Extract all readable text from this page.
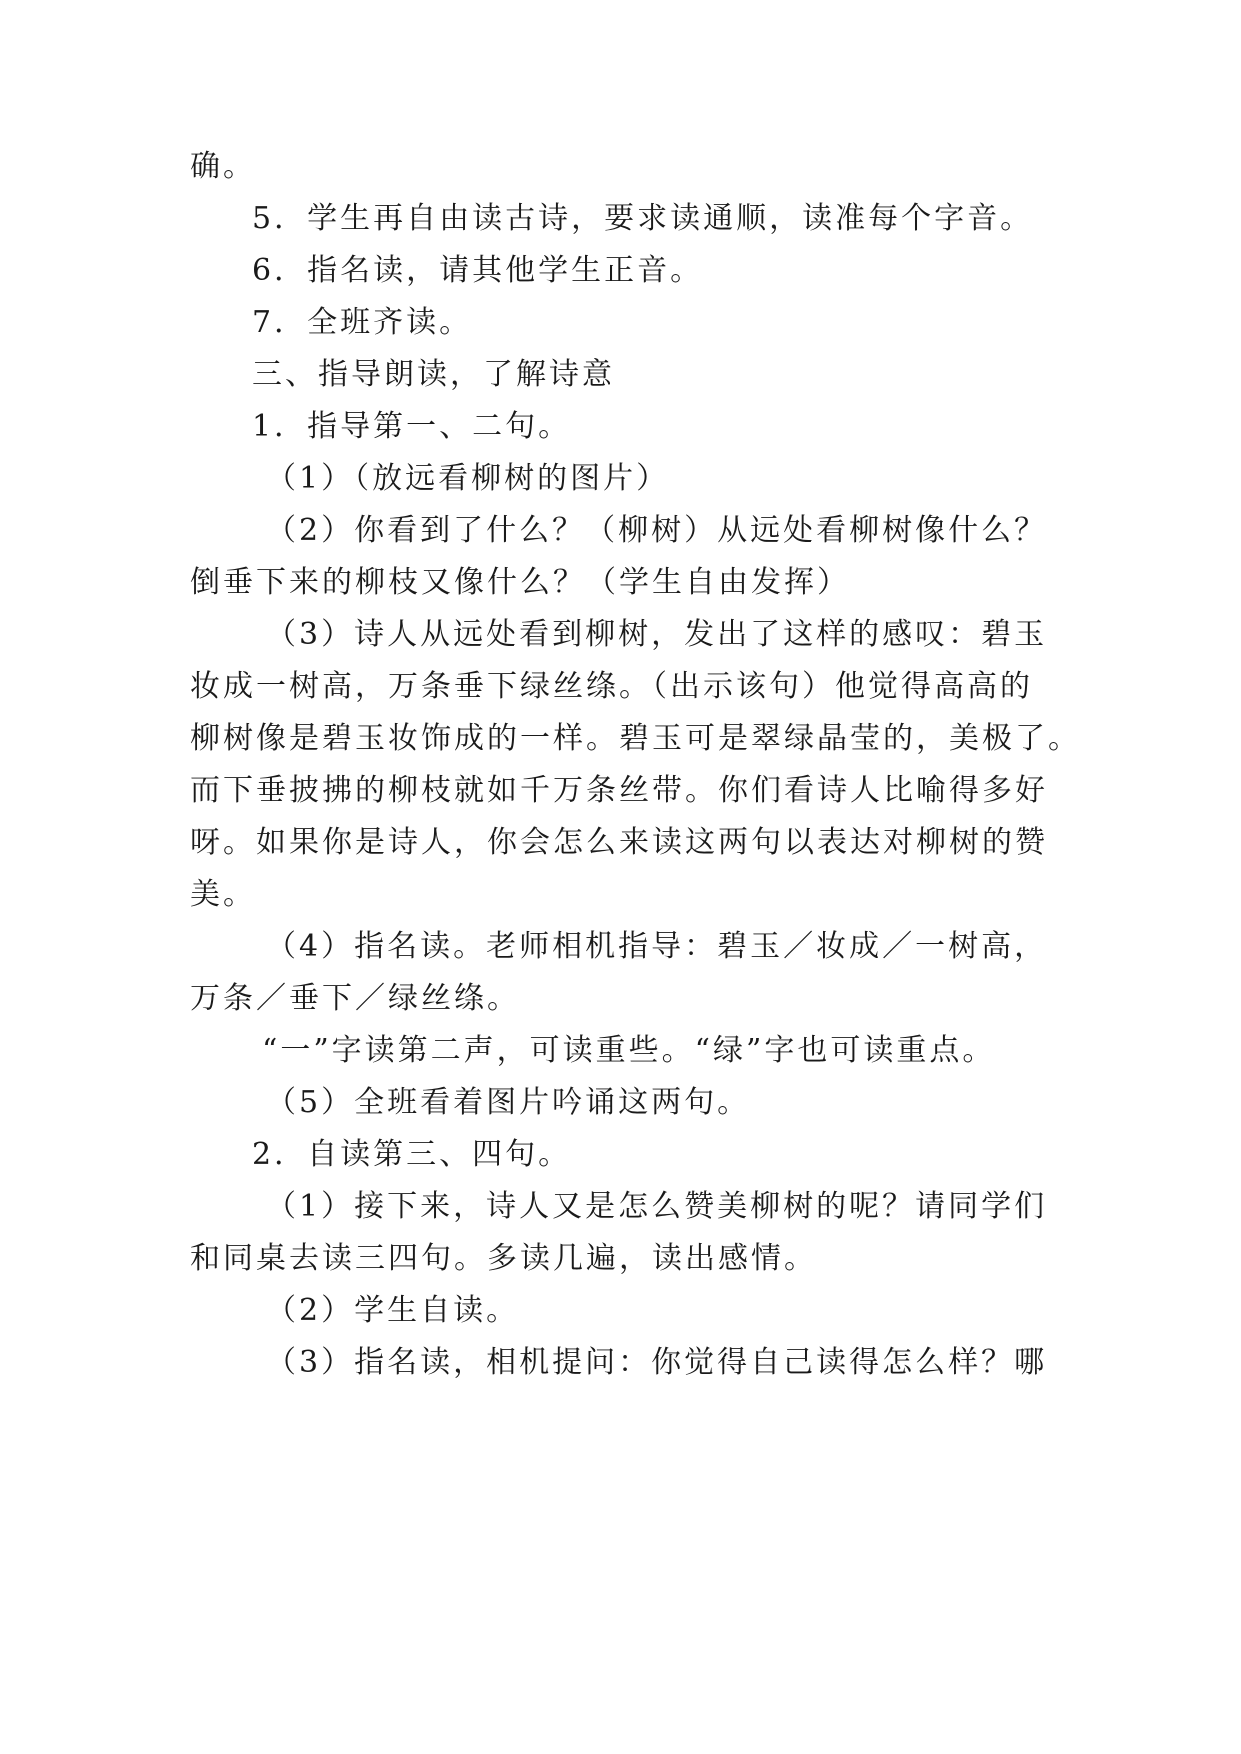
确。
5．学生再自由读古诗，要求读通顺，读准每个字音。
6．指名读，请其他学生正音。
7．全班齐读。
三、指导朗读，了解诗意
1．指导第一、二句。
（1）（放远看柳树的图片）
（2）你看到了什么？（柳树）从远处看柳树像什么？
倒垂下来的柳枝又像什么？（学生自由发挥）
（3）诗人从远处看到柳树，发出了这样的感叹：碧玉
妆成一树高，万条垂下绿丝绦。（出示该句）他觉得高高的
柳树像是碧玉妆饰成的一样。碧玉可是翠绿晶莹的，美极了。
而下垂披拂的柳枝就如千万条丝带。你们看诗人比喻得多好
呀。如果你是诗人，你会怎么来读这两句以表达对柳树的赞
美。
（4）指名读。老师相机指导：碧玉／妆成／一树高，
万条／垂下／绿丝绦。
“一”字读第二声，可读重些。“绿”字也可读重点。
（5）全班看着图片吟诵这两句。
2．自读第三、四句。
（1）接下来，诗人又是怎么赞美柳树的呢？请同学们
和同桌去读三四句。多读几遍，读出感情。
（2）学生自读。
（3）指名读，相机提问：你觉得自己读得怎么样？哪
